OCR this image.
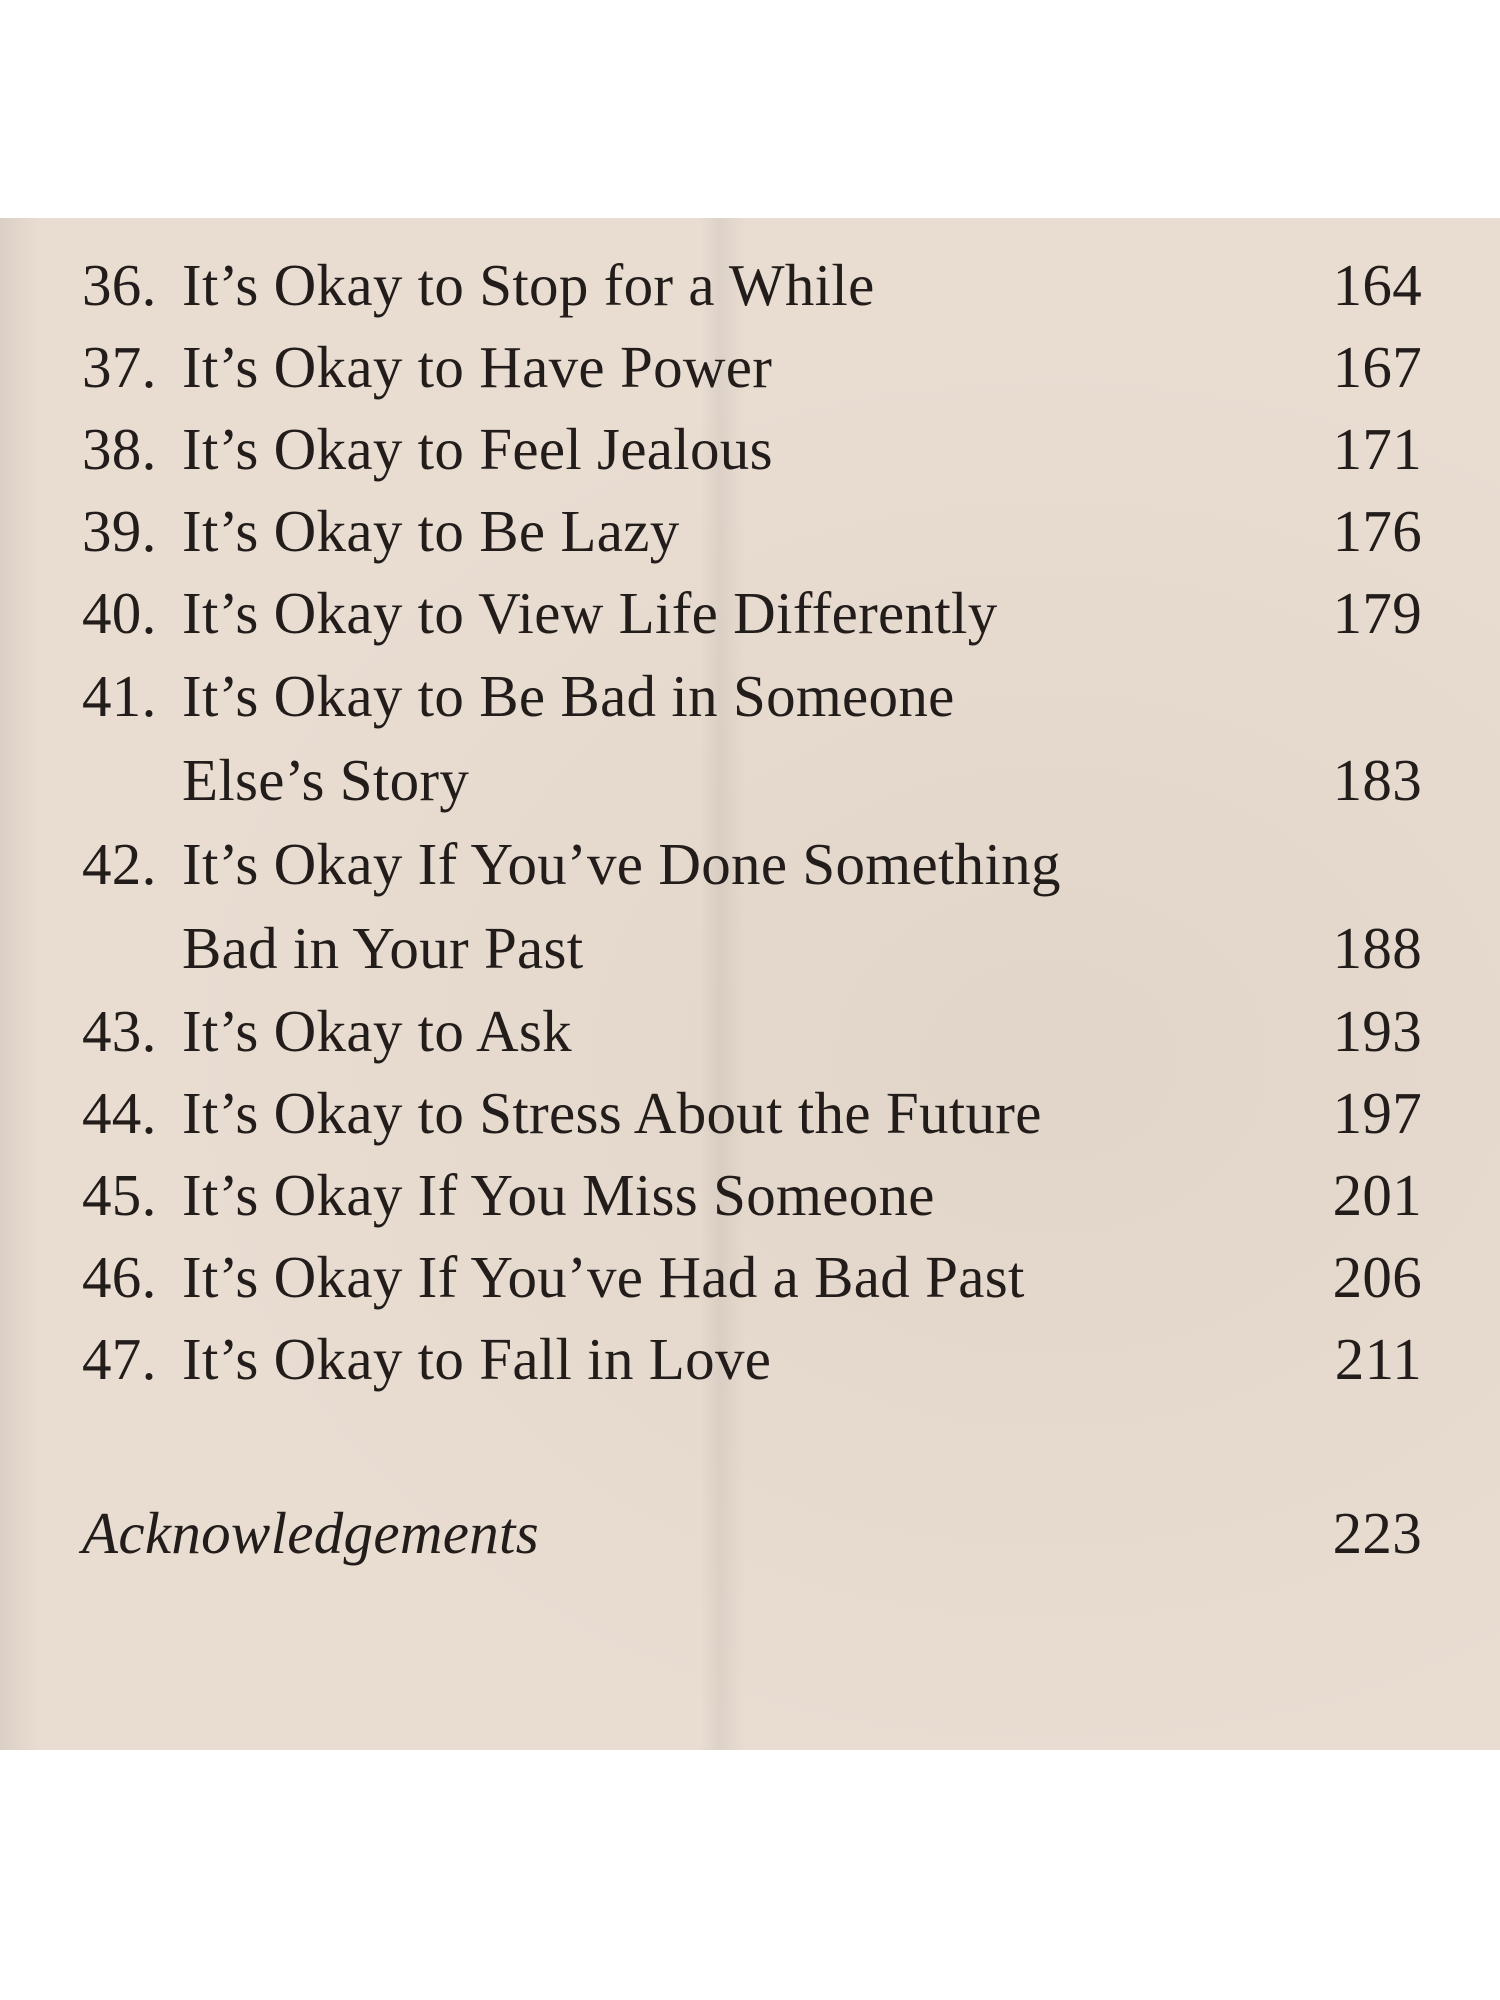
36. It’s Okay to Stop for a While	164
37. It’s Okay to Have Power	167
38. It’s Okay to Feel Jealous	171
39. It’s Okay to Be Lazy	176
40. It’s Okay to View Life Differently	179
41. It’s Okay to Be Bad in Someone
Else’s Story	183
42. It’s Okay If You’ve Done Something
Bad in Your Past	188
43. It’s Okay to Ask	193
44. It’s Okay to Stress About the Future	197
45. It’s Okay If You Miss Someone	201
46. It’s Okay If You’ve Had a Bad Past	206
47. It’s Okay to Fall in Love	211
Acknowledgements	223
